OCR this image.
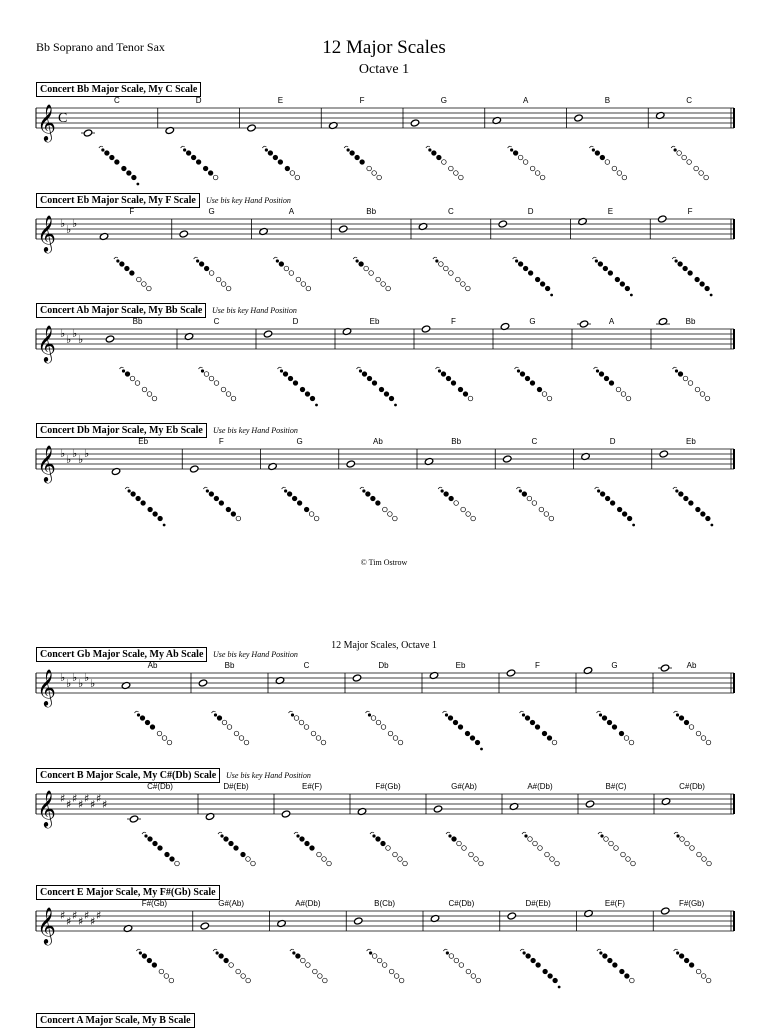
Bb Soprano and Tenor Sax	12 Major Scales
Octave 1
© Tim Ostrow
12 Major Scales, Octave 1
Concert Bb Major Scale, My C Scale
𝄞 C
C	D	E	F	G	A	B	C
Concert Eb Major Scale, My F Scale	Use bis key Hand Position
𝄞 ♭ ♭ ♭
F	G	A	Bb	C	D	E	F
Concert Ab Major Scale, My Bb Scale	Use bis key Hand Position
𝄞 ♭ ♭ ♭ ♭
Bb	C	D	Eb	F	G	A	Bb
Concert Db Major Scale, My Eb Scale	Use bis key Hand Position
𝄞 ♭ ♭ ♭ ♭ ♭
Eb	F	G	Ab	Bb	C	D	Eb
Concert Gb Major Scale, My Ab Scale	Use bis key Hand Position
𝄞 ♭ ♭ ♭ ♭ ♭ ♭
Ab	Bb	C	Db	Eb	F	G	Ab
Concert B Major Scale, My C#(Db) Scale	Use bis key Hand Position
𝄞 ♯ ♯ ♯ ♯ ♯ ♯ ♯ ♯
C#(Db)	D#(Eb)	E#(F)	F#(Gb)	G#(Ab)	A#(Db)	B#(C)	C#(Db)
Concert E Major Scale, My F#(Gb) Scale
𝄞 ♯ ♯ ♯ ♯ ♯ ♯ ♯
F#(Gb)	G#(Ab)	A#(Db)	B(Cb)	C#(Db)	D#(Eb)	E#(F)	F#(Gb)
Concert A Major Scale, My B Scale
